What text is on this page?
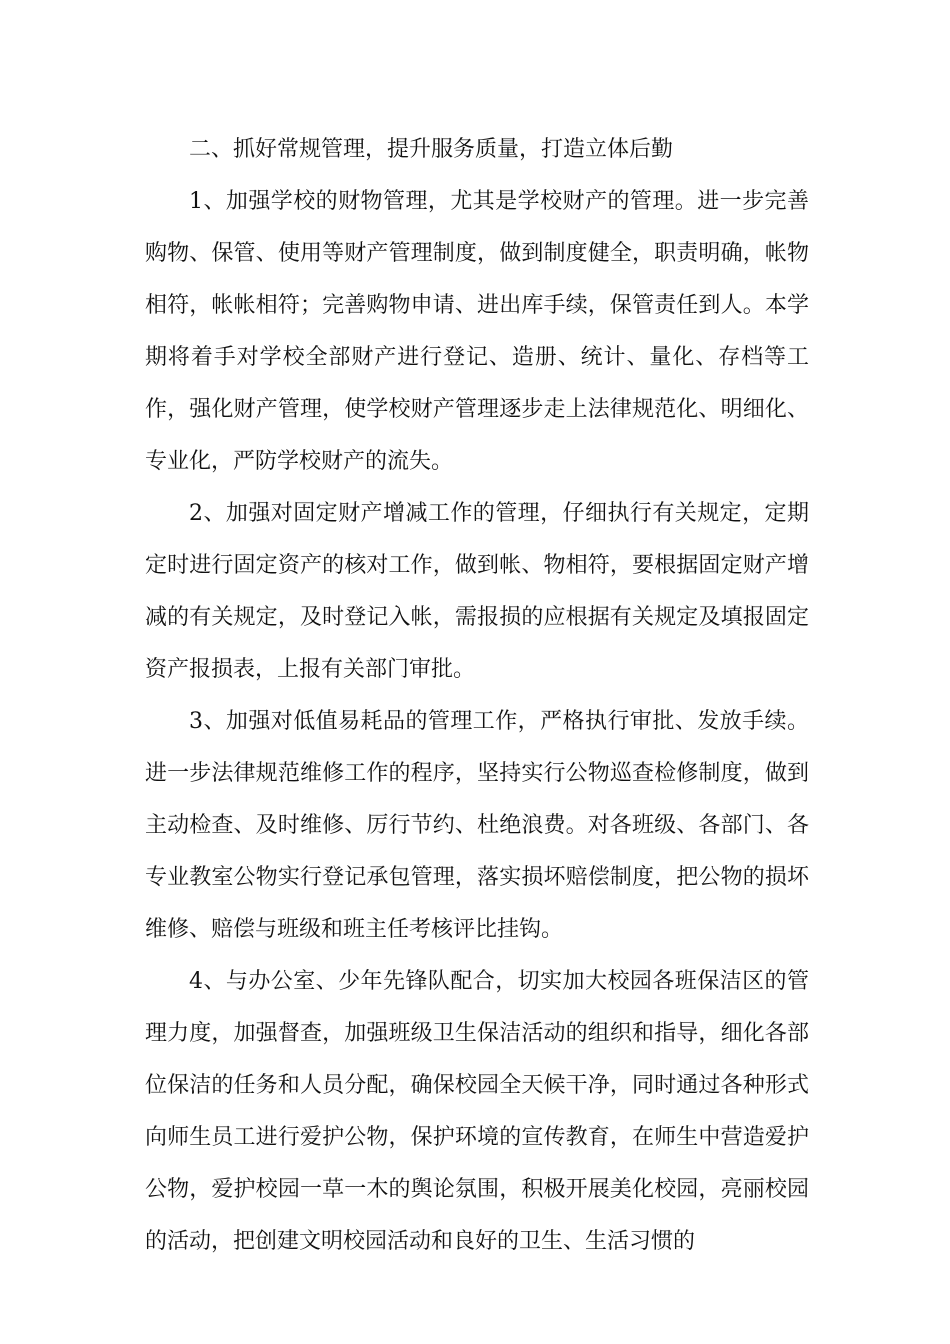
二、抓好常规管理，提升服务质量，打造立体后勤

1、加强学校的财物管理，尤其是学校财产的管理。进一步完善购物、保管、使用等财产管理制度，做到制度健全，职责明确，帐物相符，帐帐相符；完善购物申请、进出库手续，保管责任到人。本学期将着手对学校全部财产进行登记、造册、统计、量化、存档等工作，强化财产管理，使学校财产管理逐步走上法律规范化、明细化、专业化，严防学校财产的流失。

2、加强对固定财产增减工作的管理，仔细执行有关规定，定期定时进行固定资产的核对工作，做到帐、物相符，要根据固定财产增减的有关规定，及时登记入帐，需报损的应根据有关规定及填报固定资产报损表，上报有关部门审批。

3、加强对低值易耗品的管理工作，严格执行审批、发放手续。进一步法律规范维修工作的程序，坚持实行公物巡查检修制度，做到主动检查、及时维修、厉行节约、杜绝浪费。对各班级、各部门、各专业教室公物实行登记承包管理，落实损坏赔偿制度，把公物的损坏维修、赔偿与班级和班主任考核评比挂钩。

4、与办公室、少年先锋队配合，切实加大校园各班保洁区的管理力度，加强督查，加强班级卫生保洁活动的组织和指导，细化各部位保洁的任务和人员分配，确保校园全天候干净，同时通过各种形式向师生员工进行爱护公物，保护环境的宣传教育，在师生中营造爱护公物，爱护校园一草一木的舆论氛围，积极开展美化校园，亮丽校园的活动，把创建文明校园活动和良好的卫生、生活习惯的
